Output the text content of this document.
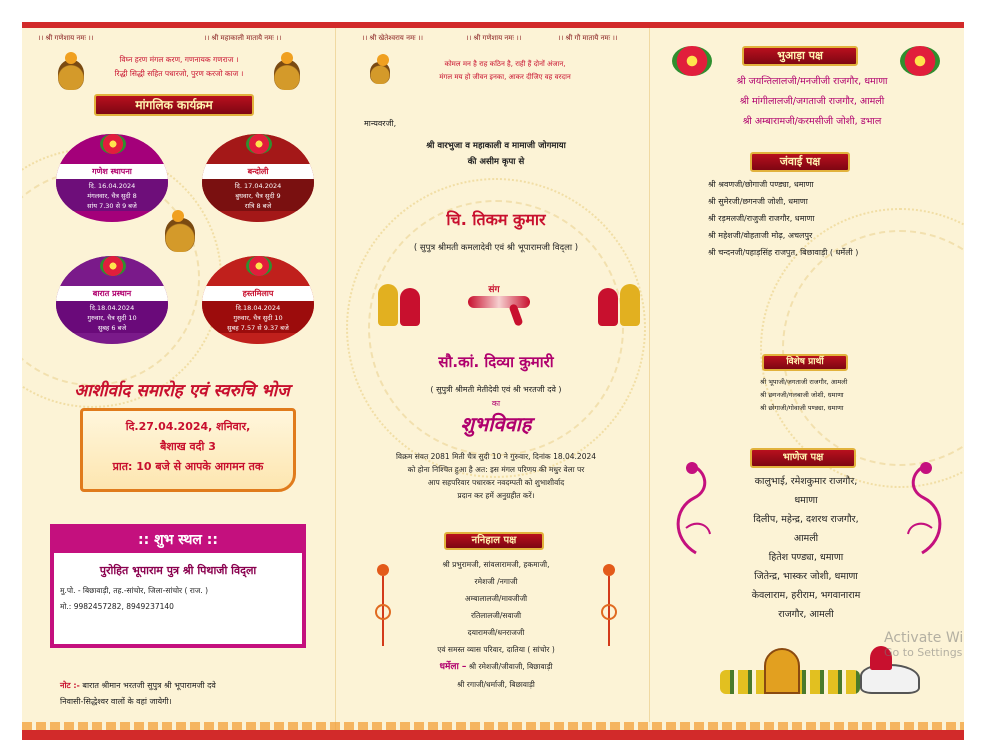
।। श्री गणेशाय नमः ।।	।। श्री महाकाली मातायै नमः ।।
विघ्न हरण मंगल करण, गणनायक गणराज ।
रिद्धी सिद्धी सहित पधारजो, पुरण करजो काज ।
मांगलिक कार्यक्रम
गणेश स्थापना
दि. 16.04.2024
मंगलवार, चैत्र सुदी 8
सांय 7.30 से 9 बजे
बन्दोली
दि. 17.04.2024
बुधवार, चैत्र सुदी 9
रात्रि 8 बजे
बारात प्रस्थान
दि.18.04.2024
गुरुवार, चैत्र सुदी 10
सुबह 6 बजे
हस्तमिलाप
दि.18.04.2024
गुरुवार, चैत्र सुदी 10
सुबह 7.57 से 9.37 बजे
आशीर्वाद समारोह एवं स्वरुचि भोज
दि.27.04.2024, शनिवार,
बैशाख वदी 3
प्रात: 10 बजे से आपके आगमन तक
:: शुभ स्थल ::
पुरोहित भूपाराम पुत्र श्री पिथाजी विद्ला
मु.पो. - बिछावाड़ी, तह.-सांचोर, जिला-सांचोर ( राज. )
मो.: 9982457282, 8949237140
नोट :- बारात श्रीमान भरतजी सुपुत्र श्री भूपारामजी दवे
निवासी-सिद्धेश्वर वालों के वहां जायेगी।
।। श्री खेतेश्वराय नमः ।।	।। श्री गणेशाय नमः ।।	।। श्री गौ मातायै नमः ।।
कोमल मन है राह कठिन है, राही हैं दोनों अंजान,
मंगल मय हो जीवन इनका, आकर दीजिए वह वरदान
मान्यवरजी,
श्री वारभुजा व महाकाली व मामाजी जोगमाया
की असीम कृपा से
चि. तिकम कुमार
( सुपुत्र श्रीमती कमलादेवी एवं श्री भूपारामजी विद्ला )
संग
सौ.कां. दिव्या कुमारी
( सुपुत्री श्रीमती मेतीदेवी एवं श्री भरतजी दवे )
का
शुभविवाह
विक्रम संवत 2081 मिती चैत्र सुदी 10 ने गुरुवार, दिनांक 18.04.2024
को होना निश्चित हुआ है अत: इस मंगल परिणय की मधुर वेला पर
आप सहपरिवार पधारकर नवदम्पती को शुभाशीर्वाद
प्रदान कर हमें अनुग्रहीत करें।
ननिहाल पक्ष
श्री प्रभुरामजी, सांवलारामजी, हकमाजी,
रमेशजी /नगाजी
अम्बालालजी/मावजीजी
रतिलालजी/सवाजी
दयारामजी/धनराजजी
एवं समस्त व्यास परिवार, दातिया ( सांचोर )
धर्मेला – श्री रमेशजी/जीवाजी, बिछावाड़ी
श्री रगाजी/धर्माजी, बिछावाड़ी
भुआड़ा पक्ष
श्री जयन्तिलालजी/मनजीजी राजगौर, धमाणा
श्री मांगीलालजी/जगताजी राजगौर, आमली
श्री अम्बारामजी/करमसीजी जोशी, डभाल
जंवाई पक्ष
श्री श्रवणजी/छोगाजी पण्ड्या, धमाणा
श्री सुमेरजी/छगनजी जोशी, धमाणा
श्री रड़मलजी/राजुजी राजगौर, धमाणा
श्री महेशजी/वोहताजी मोढ़, अचलपुर
श्री चन्दनजी/पहाड़सिंह राजपुत, बिछावाड़ी ( धर्मेली )
विशेष प्रार्थी
श्री भूपाजी/जगताजी राजगौर, आमली
श्री छगनजी/गलबाजी जोशी, धमाणा
श्री छोगाजी/गोवाजी पण्ड्या, धमाणा
भाणेज पक्ष
कालुभाई, रमेशकुमार राजगौर,
धमाणा
दिलीप, महेन्द्र, दशरथ राजगौर,
आमली
हितेश पण्ड्या, धमाणा
जितेन्द्र, भास्कर जोशी, धमाणा
केवलाराम, हरीराम, भगवानाराम
राजगौर, आमली
Activate Wi
Go to Settings
